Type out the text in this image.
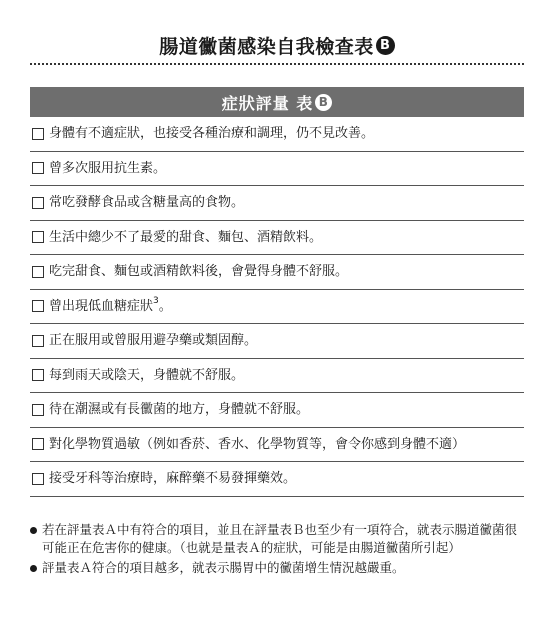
腸道黴菌感染自我檢查表 B
症狀評量 表 B
身體有不適症狀，也接受各種治療和調理，仍不見改善。
曾多次服用抗生素。
常吃發酵食品或含糖量高的食物。
生活中總少不了最愛的甜食、麵包、酒精飲料。
吃完甜食、麵包或酒精飲料後，會覺得身體不舒服。
曾出現低血糖症狀$^3$ 。
正在服用或曾服用避孕藥或類固醇。
每到雨天或陰天，身體就不舒服。
待在潮濕或有長黴菌的地方，身體就不舒服。
對化學物質過敏（例如香菸、香水、化學物質等，會令你感到身體不適）
接受牙科等治療時，麻醉藥不易發揮藥效。
若在評量表Ａ中有符合的項目，並且在評量表Ｂ也至少有一項符合，就表示腸道黴菌很可能正在危害你的健康。（也就是量表Ａ的症狀，可能是由腸道黴菌所引起）
評量表Ａ符合的項目越多，就表示腸胃中的黴菌增生情況越嚴重。
